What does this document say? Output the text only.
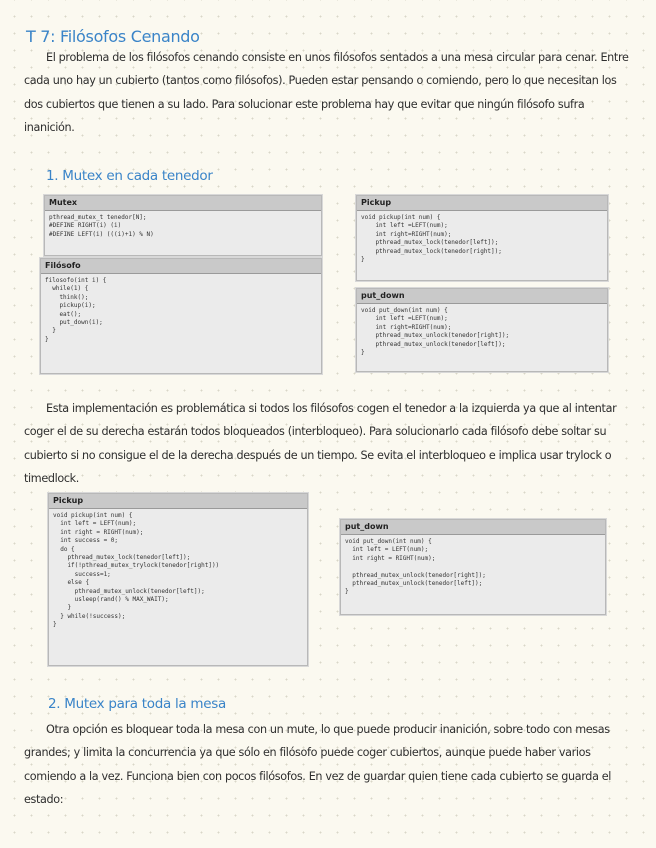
T 7: Filósofos Cenando

El problema de los filósofos cenando consiste en unos filósofos sentados a una mesa circular para cenar. Entre cada uno hay un cubierto (tantos como filósofos). Pueden estar pensando o comiendo, pero lo que necesitan los dos cubiertos que tienen a su lado. Para solucionar este problema hay que evitar que ningún filósofo sufra inanición.

1. Mutex en cada tenedor
Mutex
pthread_mutex_t tenedor[N];
#DEFINE RIGHT(i) (i)
#DEFINE LEFT(i) (((i)+1) % N)
Filósofo
filosofo(int i) {
while(1) {
think();
pickup(i);
eat();
put_down(i);
}
}
Pickup
void pickup(int num) {
int left =LEFT(num);
int right=RIGHT(num);
pthread_mutex_lock(tenedor[left]);
pthread_mutex_lock(tenedor[right]);
}
put_down
void put_down(int num) {
int left =LEFT(num);
int right=RIGHT(num);
pthread_mutex_unlock(tenedor[right]);
pthread_mutex_unlock(tenedor[left]);
}

Esta implementación es problemática si todos los filósofos cogen el tenedor a la izquierda ya que al intentar coger el de su derecha estarán todos bloqueados (interbloqueo). Para solucionarlo cada filósofo debe soltar su cubierto si no consigue el de la derecha después de un tiempo. Se evita el interbloqueo e implica usar trylock o timedlock.

Pickup
void pickup(int num) {
int left = LEFT(num);
int right = RIGHT(num);
int success = 0;
do {
pthread_mutex_lock(tenedor[left]);
if(!pthread_mutex_trylock(tenedor[right]))
success=1;
else {
pthread_mutex_unlock(tenedor[left]);
usleep(rand() % MAX_WAIT);
}
} while(!success);
}
put_down
void put_down(int num) {
int left = LEFT(num);
int right = RIGHT(num);

pthread_mutex_unlock(tenedor[right]);
pthread_mutex_unlock(tenedor[left]);
}
2. Mutex para toda la mesa

Otra opción es bloquear toda la mesa con un mute, lo que puede producir inanición, sobre todo con mesas grandes; y limita la concurrencia ya que sólo en filósofo puede coger cubiertos, aunque puede haber varios comiendo a la vez. Funciona bien con pocos filósofos. En vez de guardar quien tiene cada cubierto se guarda el estado:
